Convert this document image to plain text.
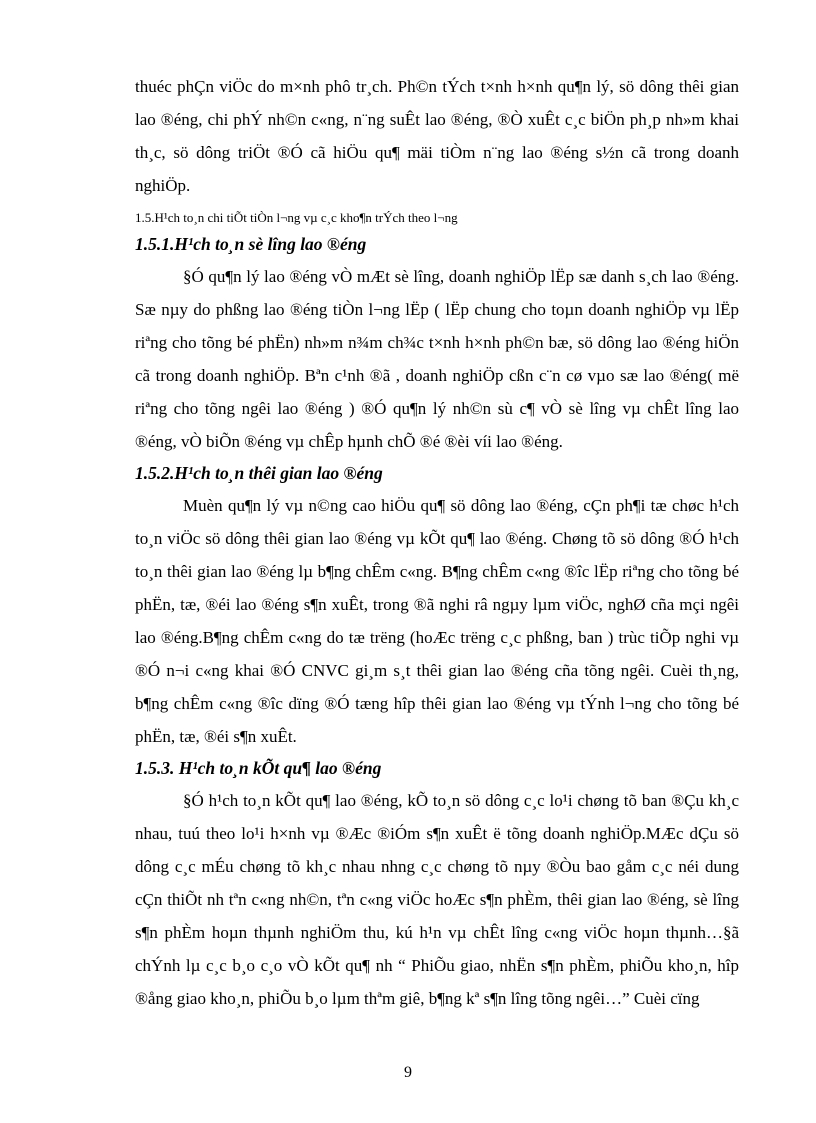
thuéc phÇn viÖc do m×nh phô tr¸ch. Ph©n tÝch t×nh h×nh qu¶n lý, sö dông thêi gian lao ®éng, chi phÝ nh©n c«ng, n¨ng suÊt lao ®éng, ®Ò xuÊt c¸c biÖn ph¸p nh»m khai th¸c, sö dông triÖt ®Ó cã hiÖu qu¶ mäi tiÒm n¨ng lao ®éng s½n cã trong doanh nghiÖp.

1.5.H¹ch to¸n chi tiÕt tiÒn l¬ng vµ c¸c kho¶n trÝch theo l¬ng
1.5.1.H¹ch to¸n sè lîng lao ®éng

§Ó qu¶n lý lao ®éng vÒ mÆt sè lîng, doanh nghiÖp lËp sæ danh s¸ch lao ®éng. Sæ nµy do phßng lao ®éng tiÒn l¬ng lËp ( lËp chung cho toµn doanh nghiÖp vµ lËp riªng cho tõng bé phËn) nh»m n¾m ch¾c t×nh h×nh ph©n bæ, sö dông lao ®éng hiÖn cã trong doanh nghiÖp. Bªn c¹nh ®ã , doanh nghiÖp cßn c¨n cø vµo sæ lao ®éng( më riªng cho tõng ngêi lao ®éng ) ®Ó qu¶n lý nh©n sù c¶ vÒ sè lîng vµ chÊt lîng lao ®éng, vÒ biÕn ®éng vµ chÊp hµnh chÕ ®é ®èi víi lao ®éng.

1.5.2.H¹ch to¸n thêi gian lao ®éng

Muèn qu¶n lý vµ n©ng cao hiÖu qu¶ sö dông lao ®éng, cÇn ph¶i tæ chøc h¹ch to¸n viÖc sö dông thêi gian lao ®éng vµ kÕt qu¶ lao ®éng. Chøng tõ sö dông ®Ó h¹ch to¸n thêi gian lao ®éng lµ b¶ng chÊm c«ng. B¶ng chÊm c«ng ®îc lËp riªng cho tõng bé phËn, tæ, ®éi lao ®éng s¶n xuÊt, trong ®ã nghi râ ngµy lµm viÖc, nghØ cña mçi ngêi lao ®éng.B¶ng chÊm c«ng do tæ trëng (hoÆc trëng c¸c phßng, ban ) trùc tiÕp nghi vµ ®Ó n¬i c«ng khai ®Ó CNVC gi¸m s¸t thêi gian lao ®éng cña tõng ngêi. Cuèi th¸ng, b¶ng chÊm c«ng ®îc dïng ®Ó tæng hîp thêi gian lao ®éng vµ tÝnh l¬ng cho tõng bé phËn, tæ, ®éi s¶n xuÊt.

1.5.3. H¹ch to¸n kÕt qu¶ lao ®éng

§Ó h¹ch to¸n kÕt qu¶ lao ®éng, kÕ to¸n sö dông c¸c lo¹i chøng tõ ban ®Çu kh¸c nhau, tuú theo lo¹i h×nh vµ ®Æc ®iÓm s¶n xuÊt ë tõng doanh nghiÖp.MÆc dÇu sö dông c¸c mÉu chøng tõ kh¸c nhau nhng c¸c chøng tõ nµy ®Òu bao gåm c¸c néi dung cÇn thiÕt nh tªn c«ng nh©n, tªn c«ng viÖc hoÆc s¶n phÈm, thêi gian lao ®éng, sè lîng s¶n phÈm hoµn thµnh nghiÖm thu, kú h¹n vµ chÊt lîng c«ng viÖc hoµn thµnh…§ã chÝnh lµ c¸c b¸o c¸o vÒ kÕt qu¶ nh “ PhiÕu giao, nhËn s¶n phÈm, phiÕu kho¸n, hîp ®ång giao kho¸n, phiÕu b¸o lµm thªm giê, b¶ng kª s¶n lîng tõng ngêi…” Cuèi cïng

9
